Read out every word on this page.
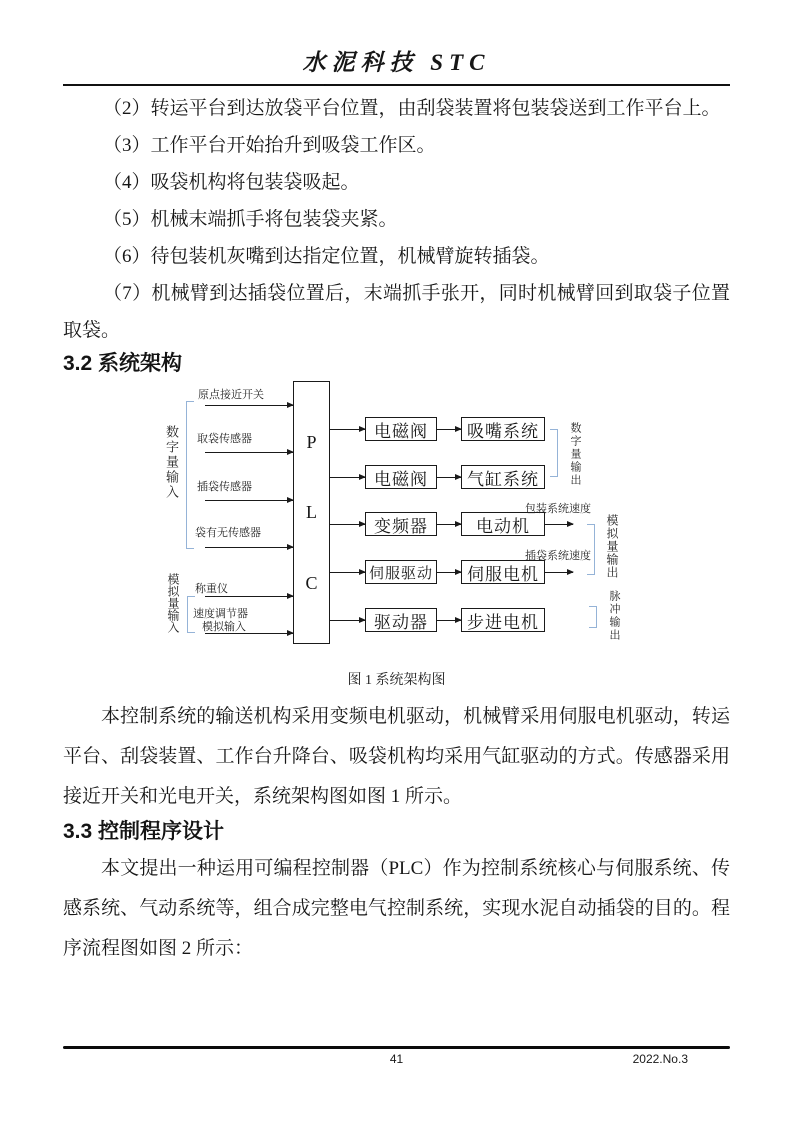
水泥科技 STC

（2）转运平台到达放袋平台位置，由刮袋装置将包装袋送到工作平台上。

（3）工作平台开始抬升到吸袋工作区。

（4）吸袋机构将包装袋吸起。

（5）机械末端抓手将包装袋夹紧。

（6）待包装机灰嘴到达指定位置，机械臂旋转插袋。

（7）机械臂到达插袋位置后，末端抓手张开，同时机械臂回到取袋子位置取袋。

3.2 系统架构
P
L
C
原点接近开关
取袋传感器
插袋传感器
袋有无传感器
称重仪
速度调节器
模拟输入
数字量输入
模拟量输入
电磁阀
电磁阀
变频器
伺服驱动
驱动器
吸嘴系统
气缸系统
电动机
伺服电机
步进电机
包装系统速度
插袋系统速度
数字量输出
模拟量输出
脉冲输出
图 1 系统架构图

本控制系统的输送机构采用变频电机驱动，机械臂采用伺服电机驱动，转运平台、刮袋装置、工作台升降台、吸袋机构均采用气缸驱动的方式。传感器采用接近开关和光电开关，系统架构图如图 1 所示。

3.3 控制程序设计

本文提出一种运用可编程控制器（PLC）作为控制系统核心与伺服系统、传感系统、气动系统等，组合成完整电气控制系统，实现水泥自动插袋的目的。程序流程图如图 2 所示：

41	2022.No.3
